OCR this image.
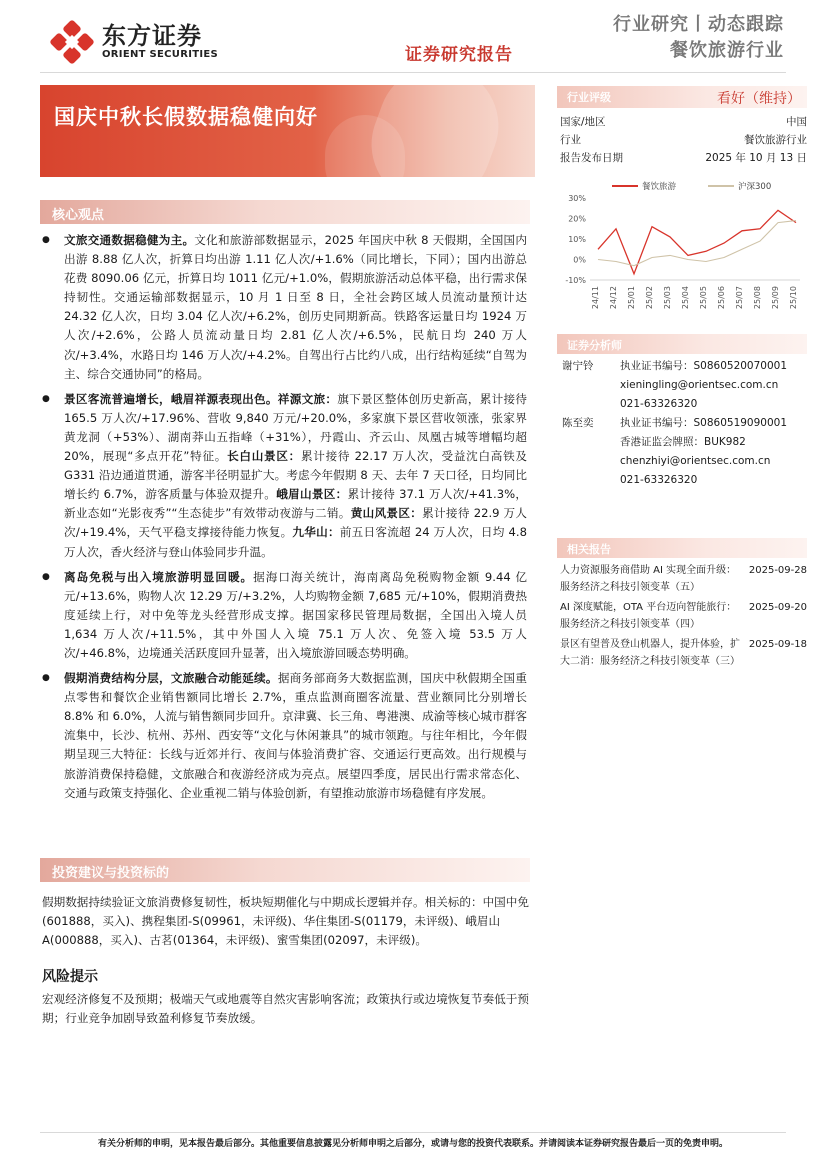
东方证券
ORIENT SECURITIES	证券研究报告
行业研究丨动态跟踪
餐饮旅游行业
国庆中秋长假数据稳健向好
行业评级	看好（维持）
国家/地区	中国
行业	餐饮旅游行业
报告发布日期	2025 年 10 月 13 日
餐饮旅游	沪深300
30%
20%
10%
0%
-10%
24/11 24/12 25/01 25/02 25/03 25/04 25/05 25/06 25/07 25/08 25/09 25/10
证券分析师
谢宁铃	执业证书编号：S0860520070001
xieningling@orientsec.com.cn
021-63326320
陈至奕	执业证书编号：S0860519090001
香港证监会牌照：BUK982
chenzhiyi@orientsec.com.cn
021-63326320
相关报告
人力资源服务商借助 AI 实现全面升级：服务经济之科技引领变革（五）
2025-09-28
AI 深度赋能，OTA 平台迈向智能旅行：服务经济之科技引领变革（四）
2025-09-20
景区有望普及登山机器人，提升体验，扩大二消：服务经济之科技引领变革（三）
2025-09-18
核心观点
● 文旅交通数据稳健为主。文化和旅游部数据显示，2025 年国庆中秋 8 天假期，全国国内出游 8.88 亿人次，折算日均出游 1.11 亿人次/+1.6%（同比增长，下同）；国内出游总花费 8090.06 亿元，折算日均 1011 亿元/+1.0%，假期旅游活动总体平稳，出行需求保持韧性。交通运输部数据显示，10 月 1 日至 8 日，全社会跨区域人员流动量预计达 24.32 亿人次，日均 3.04 亿人次/+6.2%，创历史同期新高。铁路客运量日均 1924 万人次/+2.6%，公路人员流动量日均 2.81 亿人次/+6.5%，民航日均 240 万人次/+3.4%，水路日均 146 万人次/+4.2%。自驾出行占比约八成，出行结构延续“自驾为主、综合交通协同”的格局。
● 景区客流普遍增长，峨眉祥源表现出色。祥源文旅：旗下景区整体创历史新高，累计接待 165.5 万人次/+17.96%、营收 9,840 万元/+20.0%，多家旗下景区营收领涨，张家界黄龙洞（+53%）、湖南莽山五指峰（+31%），丹霞山、齐云山、凤凰古城等增幅均超 20%，展现“多点开花”特征。长白山景区：累计接待 22.17 万人次，受益沈白高铁及 G331 沿边通道贯通，游客半径明显扩大。考虑今年假期 8 天、去年 7 天口径，日均同比增长约 6.7%，游客质量与体验双提升。峨眉山景区：累计接待 37.1 万人次/+41.3%，新业态如“光影夜秀”“生态徒步”有效带动夜游与二销。黄山风景区：累计接待 22.9 万人次/+19.4%，天气平稳支撑接待能力恢复。九华山：前五日客流超 24 万人次，日均 4.8 万人次，香火经济与登山体验同步升温。
● 离岛免税与出入境旅游明显回暖。据海口海关统计，海南离岛免税购物金额 9.44 亿元/+13.6%，购物人次 12.29 万/+3.2%，人均购物金额 7,685 元/+10%，假期消费热度延续上行，对中免等龙头经营形成支撑。据国家移民管理局数据，全国出入境人员 1,634 万人次/+11.5%，其中外国人入境 75.1 万人次、免签入境 53.5 万人次/+46.8%，边境通关活跃度回升显著，出入境旅游回暖态势明确。
● 假期消费结构分层，文旅融合动能延续。据商务部商务大数据监测，国庆中秋假期全国重点零售和餐饮企业销售额同比增长 2.7%，重点监测商圈客流量、营业额同比分别增长 8.8% 和 6.0%，人流与销售额同步回升。京津冀、长三角、粤港澳、成渝等核心城市群客流集中，长沙、杭州、苏州、西安等“文化与休闲兼具”的城市领跑。与往年相比，今年假期呈现三大特征：长线与近郊并行、夜间与体验消费扩容、交通运行更高效。出行规模与旅游消费保持稳健，文旅融合和夜游经济成为亮点。展望四季度，居民出行需求常态化、交通与政策支持强化、企业重视二销与体验创新，有望推动旅游市场稳健有序发展。
投资建议与投资标的
假期数据持续验证文旅消费修复韧性，板块短期催化与中期成长逻辑并存。相关标的：中国中免(601888，买入)、携程集团-S(09961，未评级)、华住集团-S(01179，未评级)、峨眉山 A(000888，买入)、古茗(01364，未评级)、蜜雪集团(02097，未评级)。
风险提示
宏观经济修复不及预期；极端天气或地震等自然灾害影响客流；政策执行或边境恢复节奏低于预期；行业竞争加剧导致盈利修复节奏放缓。
有关分析师的申明，见本报告最后部分。其他重要信息披露见分析师申明之后部分，或请与您的投资代表联系。并请阅读本证券研究报告最后一页的免责申明。
